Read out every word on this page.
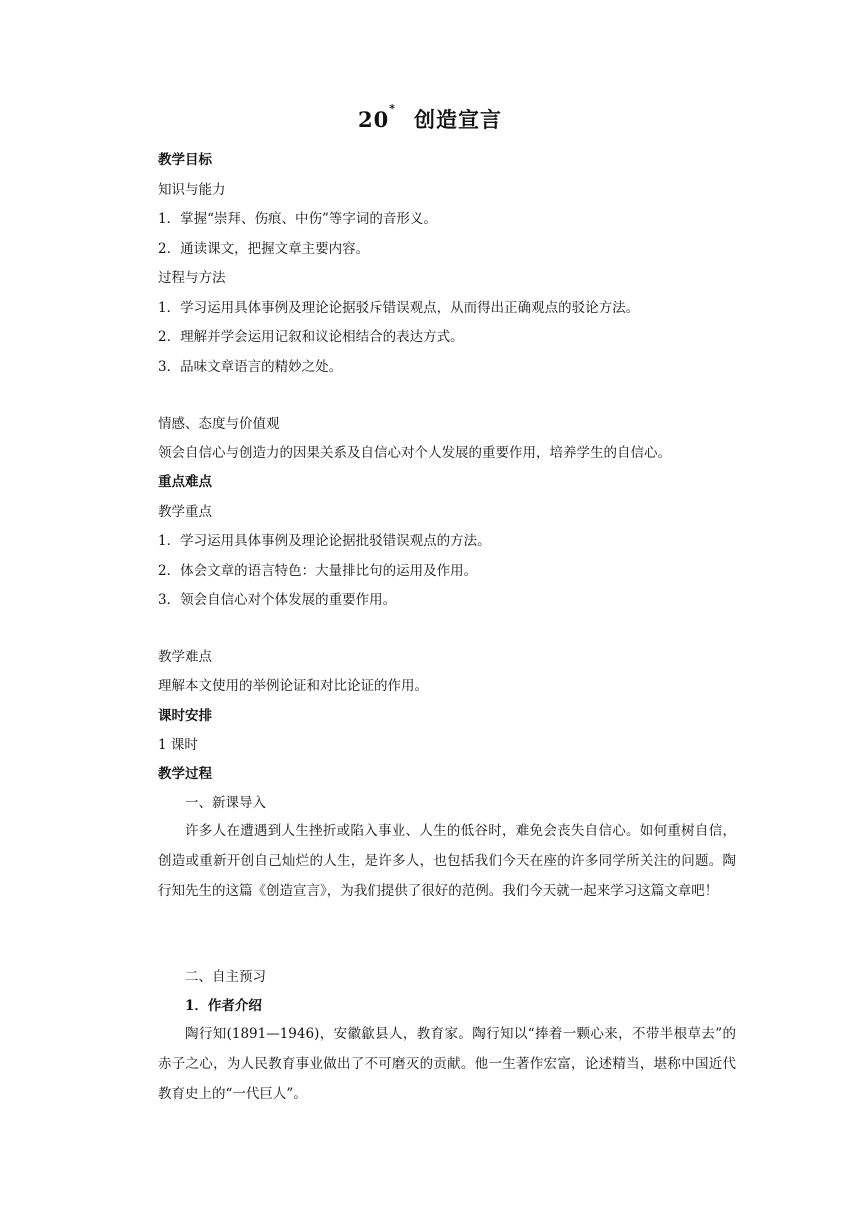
20* 创造宣言
教学目标
知识与能力
1．掌握“崇拜、伤痕、中伤”等字词的音形义。
2．通读课文，把握文章主要内容。
过程与方法
1．学习运用具体事例及理论论据驳斥错误观点，从而得出正确观点的驳论方法。
2．理解并学会运用记叙和议论相结合的表达方式。
3．品味文章语言的精妙之处。
情感、态度与价值观
领会自信心与创造力的因果关系及自信心对个人发展的重要作用，培养学生的自信心。
重点难点
教学重点
1．学习运用具体事例及理论论据批驳错误观点的方法。
2．体会文章的语言特色：大量排比句的运用及作用。
3．领会自信心对个体发展的重要作用。
教学难点
理解本文使用的举例论证和对比论证的作用。
课时安排
1 课时
教学过程
一、新课导入
许多人在遭遇到人生挫折或陷入事业、人生的低谷时，难免会丧失自信心。如何重树自信，创造或重新开创自己灿烂的人生，是许多人，也包括我们今天在座的许多同学所关注的问题。陶行知先生的这篇《创造宣言》，为我们提供了很好的范例。我们今天就一起来学习这篇文章吧！
二、自主预习
1．作者介绍
陶行知(1891—1946)，安徽歙县人，教育家。陶行知以“捧着一颗心来，不带半根草去”的赤子之心，为人民教育事业做出了不可磨灭的贡献。他一生著作宏富，论述精当，堪称中国近代教育史上的“一代巨人”。
